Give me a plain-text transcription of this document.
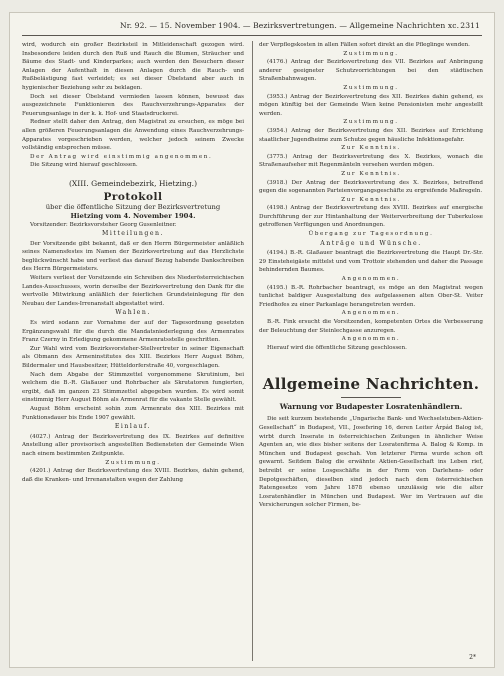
Nr. 92. — 15. November 1904. — Bezirksvertretungen. — Allgemeine Nachrichten xc. 2311

wird, wodurch ein großer Bezirksteil in Mitleidenschaft gezogen wird. Insbesondere leiden durch den Ruß und Rauch die Blumen, Sträucher und Bäume des Stadt- und Kinderparkes; auch werden den Besuchern dieser Anlagen der Aufenthalt in diesen Anlagen durch die Rauch- und Rußbelästigung fast verleidet; es sei dieser Übelstand aber auch in hygienischer Beziehung sehr zu beklagen.

Doch sei dieser Übelstand vermieden lassen können, bewusst das ausgezeichnete Funktionieren des Rauchverzehrungs-Apparates der Feuerungsanlage in der k. k. Hof- und Staatsdruckerei.

Redner stellt daher den Antrag, den Magistrat zu ersuchen, es möge bei allen größeren Feuerungsanlagen die Anwendung eines Rauchverzehrungs-Apparates vorgeschrieben werden, welcher jedoch seinem Zwecke vollständig entsprechen müsse.

Der Antrag wird einstimmig angenommen.

Die Sitzung wird hierauf geschlossen.

(XIII. Gemeindebezirk, Hietzing.)
Protokoll
über die öffentliche Sitzung der Bezirksvertretung
Hietzing vom 4. November 1904.

Vorsitzender: Bezirksvorsteher Georg Gusenleitner.

Mitteilungen.

Der Vorsitzende gibt bekannt, daß er den Herrn Bürgermeister anläßlich seines Namensfestes im Namen der Bezirksvertretung auf das Herzlichste beglückwünscht habe und verliest das darauf Bezug habende Dankschreiben des Herrn Bürgermeisters.

Weiters verliest der Vorsitzende ein Schreiben des Niederösterreichischen Landes-Ausschusses, worin derselbe der Bezirksvertretung den Dank für die wertvolle Mitwirkung anläßlich der feierlichen Grundsteinlegung für den Neubau der Landes-Irrenanstalt abgestattet wird.

Wahlen.

Es wird sodann zur Vornahme der auf der Tagesordnung gesetzten Ergänzungswahl für die durch die Mandatsniederlegung des Armenrates Franz Czerny in Erledigung gekommene Armenratsstelle geschritten.

Zur Wahl wird vom Bezirksvorsteher-Stellvertreter in seiner Eigenschaft als Obmann des Armeninstitutes des XIII. Bezirkes Herr August Böhm, Bildermaler und Hausbesitzer, Hütteldorferstraße 40, vorgeschlagen.

Nach dem Abgabe der Stimmzettel vorgenommene Skrutinium, bei welchem die B.-R. Glaßauer und Rohrbacher als Skrutatoren fungierten, ergibt, daß im ganzen 23 Stimmzettel abgegeben wurden. Es wird somit einstimmig Herr August Böhm als Armenrat für die vakante Stelle gewählt.

August Böhm erscheint sohin zum Armenrate des XIII. Bezirkes mit Funktionsdauer bis Ende 1907 gewählt.

Einlauf.

(4027.) Antrag der Bezirksvertretung des IX. Bezirkes auf definitive Anstellung aller provisorisch angestellten Bediensteten der Gemeinde Wien nach einem bestimmten Zeitpunkte.

Zustimmung.

(4201.) Antrag der Bezirksvertretung des XVIII. Bezirkes, dahin gehend, daß die Kranken- und Irrenanstalten wegen der Zahlung

der Verpflegskosten in allen Fällen sofort direkt an die Pfleglinge wenden.

Zustimmung.

(4176.) Antrag der Bezirksvertretung des VII. Bezirkes auf Anbringung anderer geeigneter Schutzvorrichtungen bei den städtischen Straßenbahnwagen.

Zustimmung.

(3953.) Antrag der Bezirksvertretung des XII. Bezirkes dahin gehend, es mögen künftig bei der Gemeinde Wien keine Pensionisten mehr angestellt werden.

Zustimmung.

(3954.) Antrag der Bezirksvertretung des XII. Bezirkes auf Errichtung staatlicher Jugendheime zum Schutze gegen häusliche Infektionsgefahr.

Zur Kenntnis.

(3775.) Antrag der Bezirksvertretung des X. Bezirkes, wonach die Straßenaufseher mit Regenmänteln versehen werden mögen.

Zur Kenntnis.

(3918.) Der Antrag der Bezirksvertretung des X. Bezirkes, betreffend gegen die sogenannten Parteienvorgangsgeschäfte zu ergreifende Maßregeln.

Zur Kenntnis.

(4198.) Antrag der Bezirksvertretung des XVIII. Bezirkes auf energische Durchführung der zur Hintanhaltung der Weiterverbreitung der Tuberkulose getroffenen Verfügungen und Anordnungen.

Übergang zur Tagesordnung.

Anträge und Wünsche.

(4194.) B.-R. Glaßauer beantragt die Bezirksvertretung die Haupt Dr.-Str. 29 Einsteheigäste mittelst und vom Trottoir stehenden und daher die Passage behindernden Baumes.

Angenommen.

(4195.) B.-R. Rohrbacher beantragt, es möge an den Magistrat wegen tunlichst baldiger Ausgestaltung des aufgelassenen alten Ober-St. Veiter Friedhofes zu einer Parkanlage herangetreten werden.

Angenommen.

B.-R. Fink ersucht die Vorsitzenden, kompetenten Ortes die Verbesserung der Beleuchtung der Steinlechgasse anzuregen.

Angenommen.

Hierauf wird die öffentliche Sitzung geschlossen.

Allgemeine Nachrichten.
Warnung vor Budapester Losratenhändlern.

Die seit kurzem bestehende „Ungarische Bank- und Wechselstuben-Aktien-Gesellschaft“ in Budapest, VII., Josefsring 16, deren Leiter Árpád Balog ist, wirbt durch Inserate in österreichischen Zeitungen in ähnlicher Weise Agenten an, wie dies bisher seitens der Losratenfirma A. Balog & Komp. in München und Budapest geschah. Von letzterer Firma wurde schon oft gewarnt. Seitdem Balog die erwähnte Aktien-Gesellschaft ins Leben rief, betreibt er seine Losgeschäfte in der Form von Darlehens- oder Depotgeschäften, dieselben sind jedoch nach dem österreichischen Ratengesetze vom Jahre 1878 ebenso unzulässig wie die alter Losratenhändler in München und Budapest. Wer im Vertrauen auf die Versicherungen solcher Firmen, be-

2*
